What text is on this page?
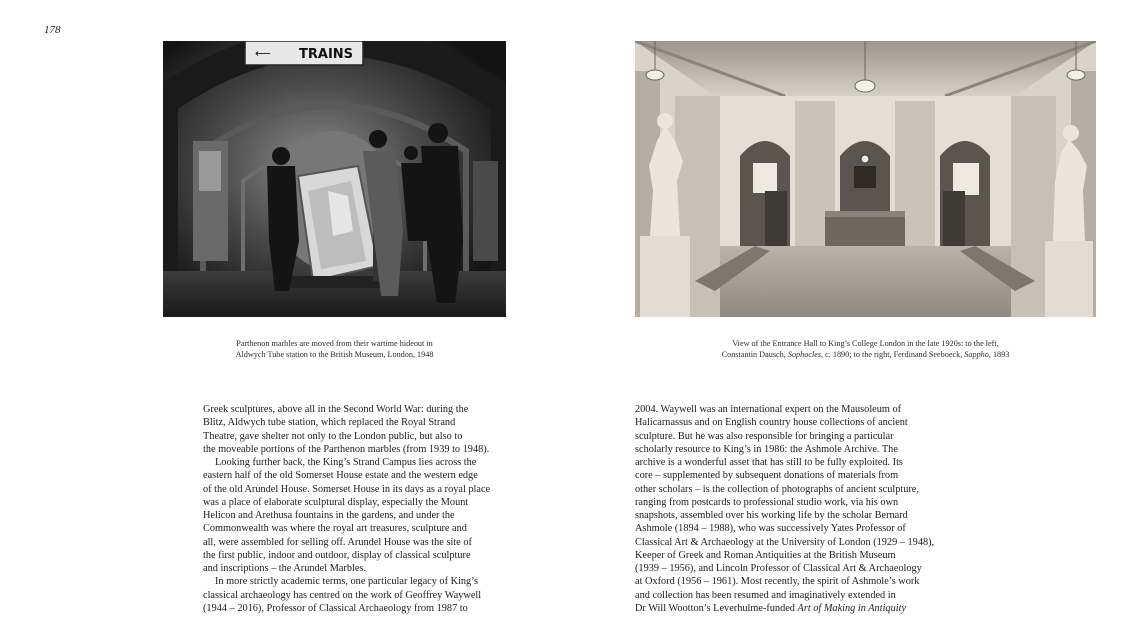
178
⟵ TRAINS
Parthenon marbles are moved from their wartime hideout in
Aldwych Tube station to the British Museum, London, 1948
View of the Entrance Hall to King’s College London in the late 1920s: to the left,
Constantin Dausch, Sophocles, c. 1890; to the right, Ferdinand Seeboeck, Sappho, 1893
Greek sculptures, above all in the Second World War: during the
Blitz, Aldwych tube station, which replaced the Royal Strand
Theatre, gave shelter not only to the London public, but also to
the moveable portions of the Parthenon marbles (from 1939 to 1948).
Looking further back, the King’s Strand Campus lies across the
eastern half of the old Somerset House estate and the western edge
of the old Arundel House. Somerset House in its days as a royal place
was a place of elaborate sculptural display, especially the Mount
Helicon and Arethusa fountains in the gardens, and under the
Commonwealth was where the royal art treasures, sculpture and
all, were assembled for selling off. Arundel House was the site of
the first public, indoor and outdoor, display of classical sculpture
and inscriptions – the Arundel Marbles.
In more strictly academic terms, one particular legacy of King’s
classical archaeology has centred on the work of Geoffrey Waywell
(1944 – 2016), Professor of Classical Archaeology from 1987 to
2004. Waywell was an international expert on the Mausoleum of
Halicarnassus and on English country house collections of ancient
sculpture. But he was also responsible for bringing a particular
scholarly resource to King’s in 1986: the Ashmole Archive. The
archive is a wonderful asset that has still to be fully exploited. Its
core – supplemented by subsequent donations of materials from
other scholars – is the collection of photographs of ancient sculpture,
ranging from postcards to professional studio work, via his own
snapshots, assembled over his working life by the scholar Bernard
Ashmole (1894 – 1988), who was successively Yates Professor of
Classical Art & Archaeology at the University of London (1929 – 1948),
Keeper of Greek and Roman Antiquities at the British Museum
(1939 – 1956), and Lincoln Professor of Classical Art & Archaeology
at Oxford (1956 – 1961). Most recently, the spirit of Ashmole’s work
and collection has been resumed and imaginatively extended in
Dr Will Wootton’s Leverhulme-funded Art of Making in Antiquity
